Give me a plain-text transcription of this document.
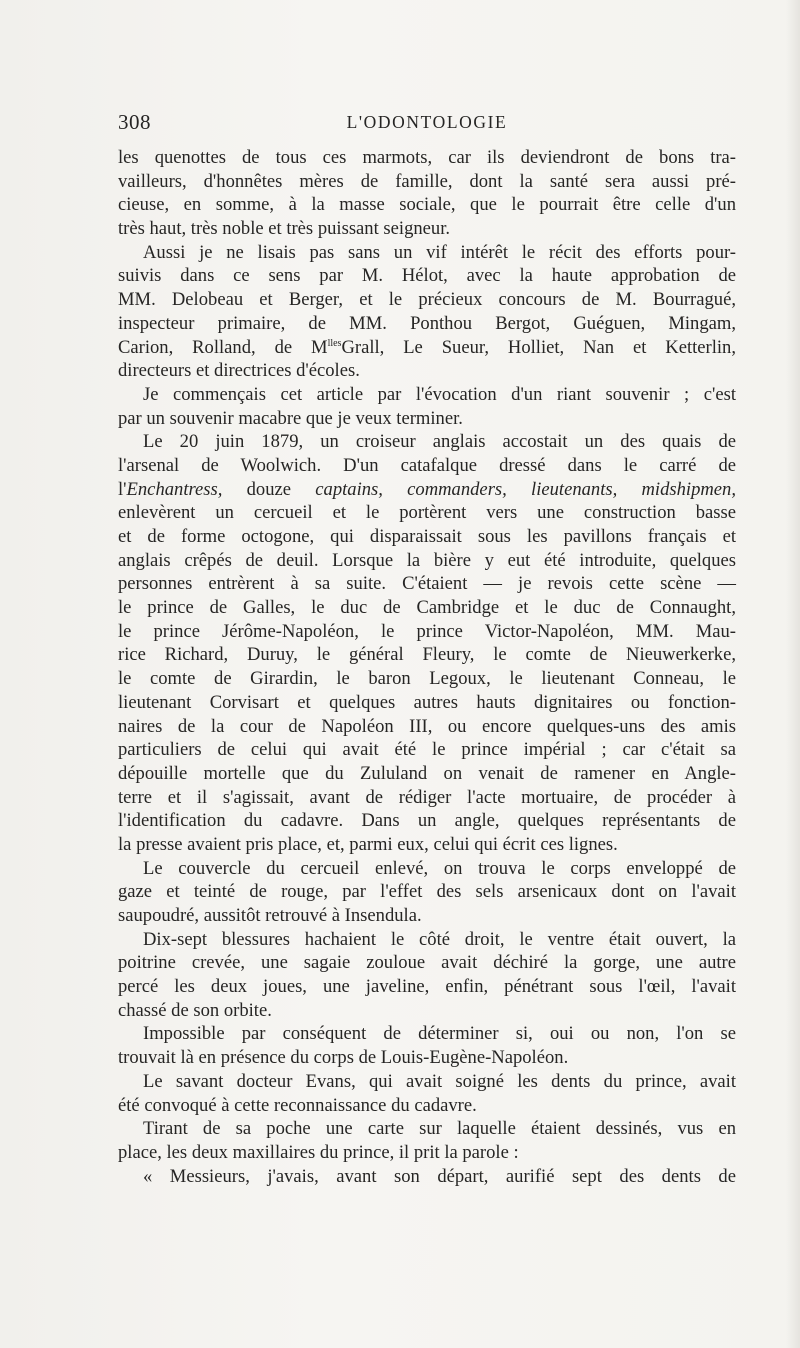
308	L'ODONTOLOGIE
les quenottes de tous ces marmots, car ils deviendront de bons tra-
vailleurs, d'honnêtes mères de famille, dont la santé sera aussi pré-
cieuse, en somme, à la masse sociale, que le pourrait être celle d'un
très haut, très noble et très puissant seigneur.
Aussi je ne lisais pas sans un vif intérêt le récit des efforts pour-
suivis dans ce sens par M. Hélot, avec la haute approbation de
MM. Delobeau et Berger, et le précieux concours de M. Bourragué,
inspecteur primaire, de MM. Ponthou Bergot, Guéguen, Mingam,
Carion, Rolland, de $M^{lles}Grall$, Le Sueur, Holliet, Nan et Ketterlin,
directeurs et directrices d'écoles.
Je commençais cet article par l'évocation d'un riant souvenir ; c'est
par un souvenir macabre que je veux terminer.
Le 20 juin 1879, un croiseur anglais accostait un des quais de
l'arsenal de Woolwich. D'un catafalque dressé dans le carré de
l'Enchantress, douze captains, commanders, lieutenants, midshipmen,
enlevèrent un cercueil et le portèrent vers une construction basse
et de forme octogone, qui disparaissait sous les pavillons français et
anglais crêpés de deuil. Lorsque la bière y eut été introduite, quelques
personnes entrèrent à sa suite. C'étaient — je revois cette scène —
le prince de Galles, le duc de Cambridge et le duc de Connaught,
le prince Jérôme-Napoléon, le prince Victor-Napoléon, MM. Mau-
rice Richard, Duruy, le général Fleury, le comte de Nieuwerkerke,
le comte de Girardin, le baron Legoux, le lieutenant Conneau, le
lieutenant Corvisart et quelques autres hauts dignitaires ou fonction-
naires de la cour de Napoléon III, ou encore quelques-uns des amis
particuliers de celui qui avait été le prince impérial ; car c'était sa
dépouille mortelle que du Zululand on venait de ramener en Angle-
terre et il s'agissait, avant de rédiger l'acte mortuaire, de procéder à
l'identification du cadavre. Dans un angle, quelques représentants de
la presse avaient pris place, et, parmi eux, celui qui écrit ces lignes.
Le couvercle du cercueil enlevé, on trouva le corps enveloppé de
gaze et teinté de rouge, par l'effet des sels arsenicaux dont on l'avait
saupoudré, aussitôt retrouvé à Insendula.
Dix-sept blessures hachaient le côté droit, le ventre était ouvert, la
poitrine crevée, une sagaie zouloue avait déchiré la gorge, une autre
percé les deux joues, une javeline, enfin, pénétrant sous l'œil, l'avait
chassé de son orbite.
Impossible par conséquent de déterminer si, oui ou non, l'on se
trouvait là en présence du corps de Louis-Eugène-Napoléon.
Le savant docteur Evans, qui avait soigné les dents du prince, avait
été convoqué à cette reconnaissance du cadavre.
Tirant de sa poche une carte sur laquelle étaient dessinés, vus en
place, les deux maxillaires du prince, il prit la parole :
« Messieurs, j'avais, avant son départ, aurifié sept des dents de
